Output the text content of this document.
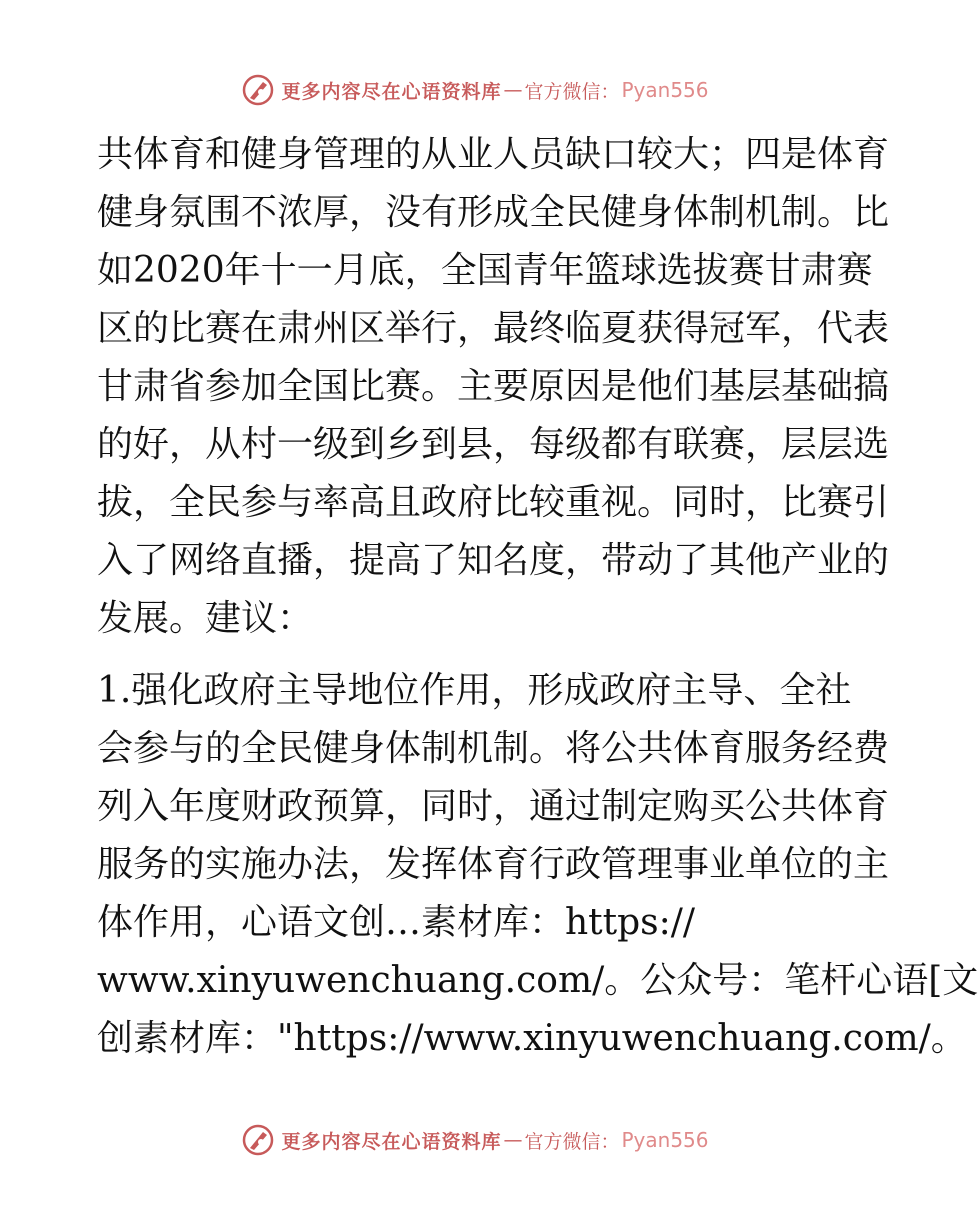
更多内容尽在心语资料库 — 官方微信： Pyan556
共体育和健身管理的从业人员缺口较大；四是体育
健身氛围不浓厚，没有形成全民健身体制机制。比
如2020年十一月底，全国青年篮球选拔赛甘肃赛
区的比赛在肃州区举行，最终临夏获得冠军，代表
甘肃省参加全国比赛。主要原因是他们基层基础搞
的好，从村一级到乡到县，每级都有联赛，层层选
拔，全民参与率高且政府比较重视。同时，比赛引
入了网络直播，提高了知名度，带动了其他产业的
发展。建议：
1.强化政府主导地位作用，形成政府主导、全社
会参与的全民健身体制机制。将公共体育服务经费
列入年度财政预算，同时，通过制定购买公共体育
服务的实施办法，发挥体育行政管理事业单位的主
体作用，心语文创…素材库：https://
www.xinyuwenchuang.com/。公众号：笔杆心语[文
创素材库："https://www.xinyuwenchuang.com/。
更多内容尽在心语资料库 — 官方微信： Pyan556
